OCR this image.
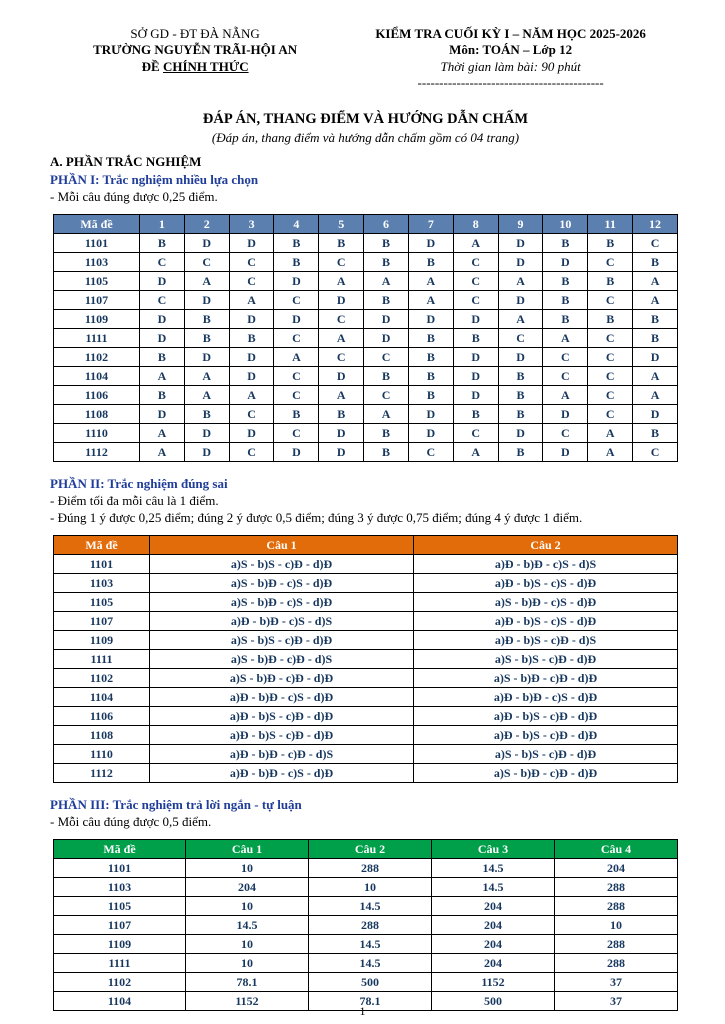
SỞ GD - ĐT ĐÀ NẴNG
TRƯỜNG NGUYỄN TRÃI-HỘI AN
ĐỀ CHÍNH THỨC
KIỂM TRA CUỐI KỲ I – NĂM HỌC 2025-2026
Môn: TOÁN – Lớp 12
Thời gian làm bài: 90 phút
-------------------------------------------
ĐÁP ÁN, THANG ĐIỂM VÀ HƯỚNG DẪN CHẤM
(Đáp án, thang điểm và hướng dẫn chấm gồm có 04 trang)
A. PHẦN TRẮC NGHIỆM
PHẦN I: Trắc nghiệm nhiều lựa chọn
- Mỗi câu đúng được 0,25 điểm.
Mã đề	1	2	3	4	5	6	7	8	9	10	11	12
1101	B	D	D	B	B	B	D	A	D	B	B	C
1103	C	C	C	B	C	B	B	C	D	D	C	B
1105	D	A	C	D	A	A	A	C	A	B	B	A
1107	C	D	A	C	D	B	A	C	D	B	C	A
1109	D	B	D	D	C	D	D	D	A	B	B	B
1111	D	B	B	C	A	D	B	B	C	A	C	B
1102	B	D	D	A	C	C	B	D	D	C	C	D
1104	A	A	D	C	D	B	B	D	B	C	C	A
1106	B	A	A	C	A	C	B	D	B	A	C	A
1108	D	B	C	B	B	A	D	B	B	D	C	D
1110	A	D	D	C	D	B	D	C	D	C	A	B
1112	A	D	C	D	D	B	C	A	B	D	A	C
PHẦN II: Trắc nghiệm đúng sai
- Điểm tối đa mỗi câu là 1 điểm.
- Đúng 1 ý được 0,25 điểm; đúng 2 ý được 0,5 điểm; đúng 3 ý được 0,75 điểm; đúng 4 ý được 1 điểm.
Mã đề	Câu 1	Câu 2
1101	a)S - b)S - c)Đ - d)Đ	a)Đ - b)Đ - c)S - d)S
1103	a)S - b)Đ - c)S - d)Đ	a)Đ - b)S - c)S - d)Đ
1105	a)S - b)Đ - c)S - d)Đ	a)S - b)Đ - c)S - d)Đ
1107	a)Đ - b)Đ - c)S - d)S	a)Đ - b)S - c)S - d)Đ
1109	a)S - b)S - c)Đ - d)Đ	a)Đ - b)S - c)Đ - d)S
1111	a)S - b)Đ - c)Đ - d)S	a)S - b)S - c)Đ - d)Đ
1102	a)S - b)Đ - c)Đ - d)Đ	a)S - b)Đ - c)Đ - d)Đ
1104	a)Đ - b)Đ - c)S - d)Đ	a)Đ - b)Đ - c)S - d)Đ
1106	a)Đ - b)S - c)Đ - d)Đ	a)Đ - b)S - c)Đ - d)Đ
1108	a)Đ - b)S - c)Đ - d)Đ	a)Đ - b)S - c)Đ - d)Đ
1110	a)Đ - b)Đ - c)Đ - d)S	a)S - b)S - c)Đ - d)Đ
1112	a)Đ - b)Đ - c)S - d)Đ	a)S - b)Đ - c)Đ - d)Đ
PHẦN III: Trắc nghiệm trả lời ngắn - tự luận
- Mỗi câu đúng được 0,5 điểm.
Mã đề	Câu 1	Câu 2	Câu 3	Câu 4
1101	10	288	14.5	204
1103	204	10	14.5	288
1105	10	14.5	204	288
1107	14.5	288	204	10
1109	10	14.5	204	288
1111	10	14.5	204	288
1102	78.1	500	1152	37
1104	1152	78.1	500	37
1
